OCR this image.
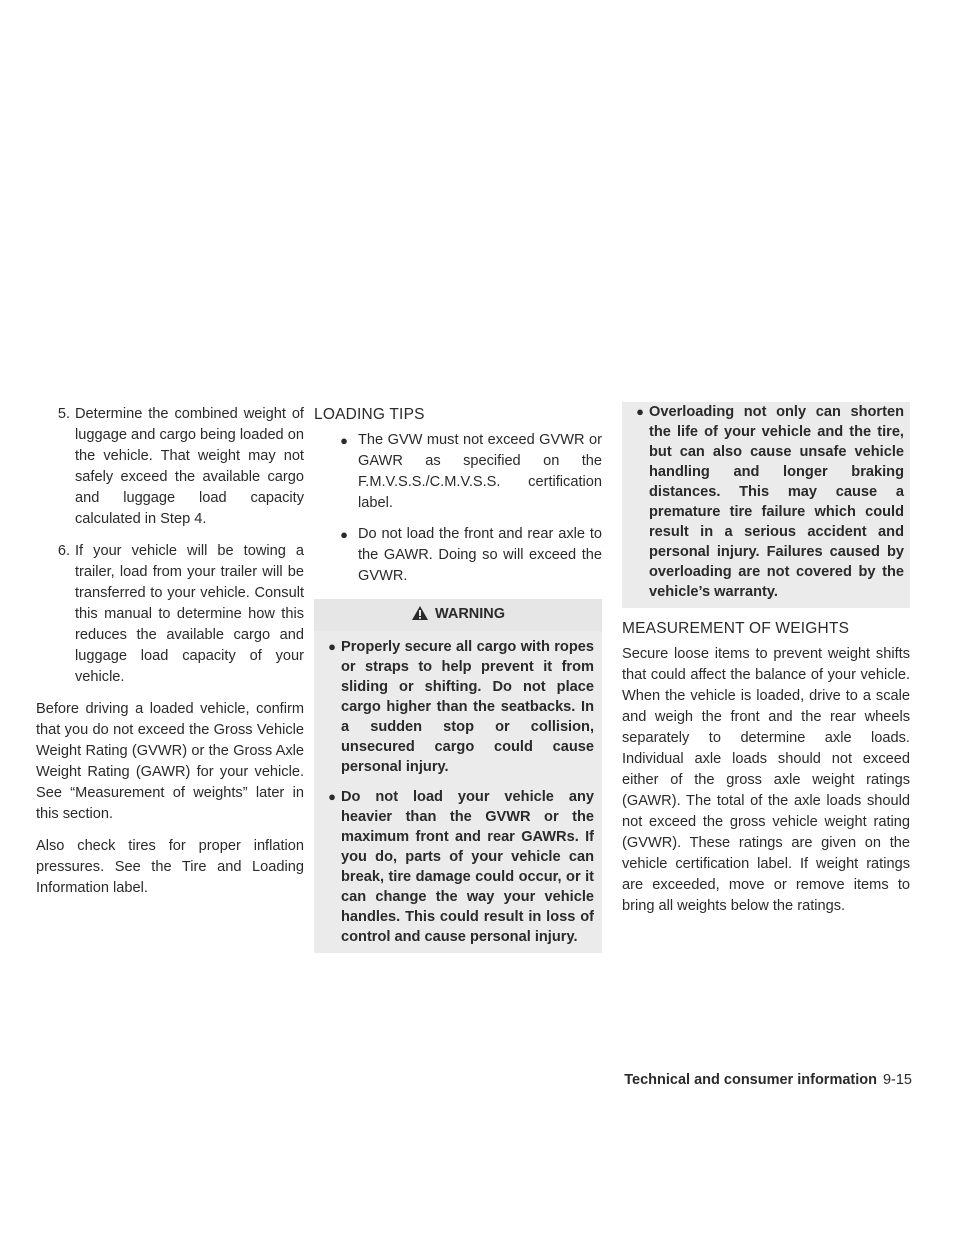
5. Determine the combined weight of luggage and cargo being loaded on the vehicle. That weight may not safely exceed the available cargo and luggage load capacity calculated in Step 4.
6. If your vehicle will be towing a trailer, load from your trailer will be transferred to your vehicle. Consult this manual to determine how this reduces the available cargo and luggage load capacity of your vehicle.

Before driving a loaded vehicle, confirm that you do not exceed the Gross Vehicle Weight Rating (GVWR) or the Gross Axle Weight Rating (GAWR) for your vehicle. See “Measurement of weights” later in this section.

Also check tires for proper inflation pressures. See the Tire and Loading Information label.

LOADING TIPS
● The GVW must not exceed GVWR or GAWR as specified on the F.M.V.S.S./C.M.V.S.S. certification label.
● Do not load the front and rear axle to the GAWR. Doing so will exceed the GVWR.
WARNING
● Properly secure all cargo with ropes or straps to help prevent it from sliding or shifting. Do not place cargo higher than the seatbacks. In a sudden stop or collision, unsecured cargo could cause personal injury.
● Do not load your vehicle any heavier than the GVWR or the maximum front and rear GAWRs. If you do, parts of your vehicle can break, tire damage could occur, or it can change the way your vehicle handles. This could result in loss of control and cause personal injury.
● Overloading not only can shorten the life of your vehicle and the tire, but can also cause unsafe vehicle handling and longer braking distances. This may cause a premature tire failure which could result in a serious accident and personal injury. Failures caused by overloading are not covered by the vehicle’s warranty.
MEASUREMENT OF WEIGHTS

Secure loose items to prevent weight shifts that could affect the balance of your vehicle. When the vehicle is loaded, drive to a scale and weigh the front and the rear wheels separately to determine axle loads. Individual axle loads should not exceed either of the gross axle weight ratings (GAWR). The total of the axle loads should not exceed the gross vehicle weight rating (GVWR). These ratings are given on the vehicle certification label. If weight ratings are exceeded, move or remove items to bring all weights below the ratings.

Technical and consumer information 9-15
